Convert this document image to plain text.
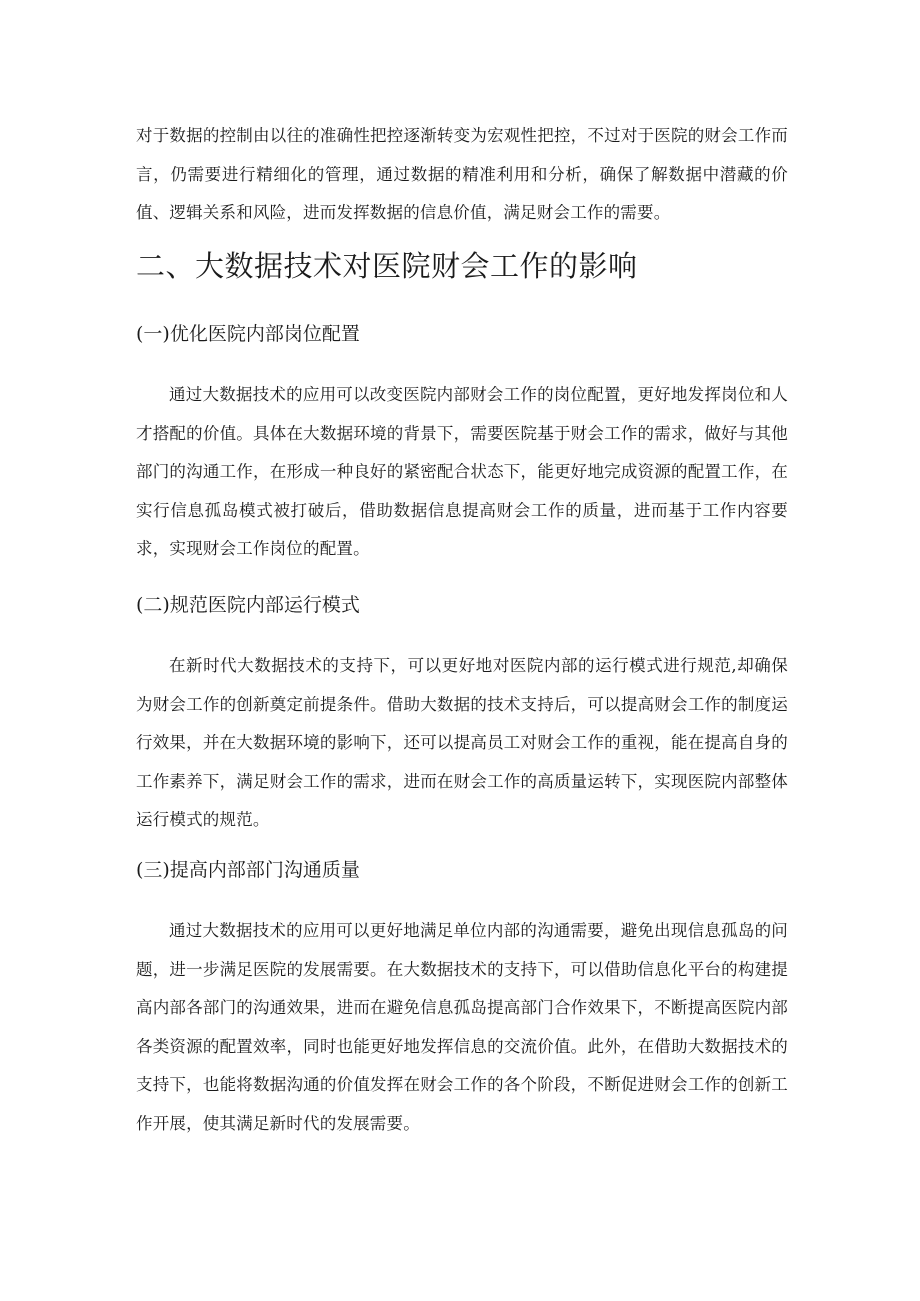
对于数据的控制由以往的准确性把控逐渐转变为宏观性把控，不过对于医院的财会工作而言，仍需要进行精细化的管理，通过数据的精准利用和分析，确保了解数据中潜藏的价值、逻辑关系和风险，进而发挥数据的信息价值，满足财会工作的需要。

二、大数据技术对医院财会工作的影响
(一)优化医院内部岗位配置

通过大数据技术的应用可以改变医院内部财会工作的岗位配置，更好地发挥岗位和人才搭配的价值。具体在大数据环境的背景下，需要医院基于财会工作的需求，做好与其他部门的沟通工作，在形成一种良好的紧密配合状态下，能更好地完成资源的配置工作，在实行信息孤岛模式被打破后，借助数据信息提高财会工作的质量，进而基于工作内容要求，实现财会工作岗位的配置。

(二)规范医院内部运行模式

在新时代大数据技术的支持下，可以更好地对医院内部的运行模式进行规范,却确保为财会工作的创新奠定前提条件。借助大数据的技术支持后，可以提高财会工作的制度运行效果，并在大数据环境的影响下，还可以提高员工对财会工作的重视，能在提高自身的工作素养下，满足财会工作的需求，进而在财会工作的高质量运转下，实现医院内部整体运行模式的规范。

(三)提高内部部门沟通质量

通过大数据技术的应用可以更好地满足单位内部的沟通需要，避免出现信息孤岛的问题，进一步满足医院的发展需要。在大数据技术的支持下，可以借助信息化平台的构建提高内部各部门的沟通效果，进而在避免信息孤岛提高部门合作效果下，不断提高医院内部各类资源的配置效率，同时也能更好地发挥信息的交流价值。此外，在借助大数据技术的支持下，也能将数据沟通的价值发挥在财会工作的各个阶段，不断促进财会工作的创新工作开展，使其满足新时代的发展需要。
